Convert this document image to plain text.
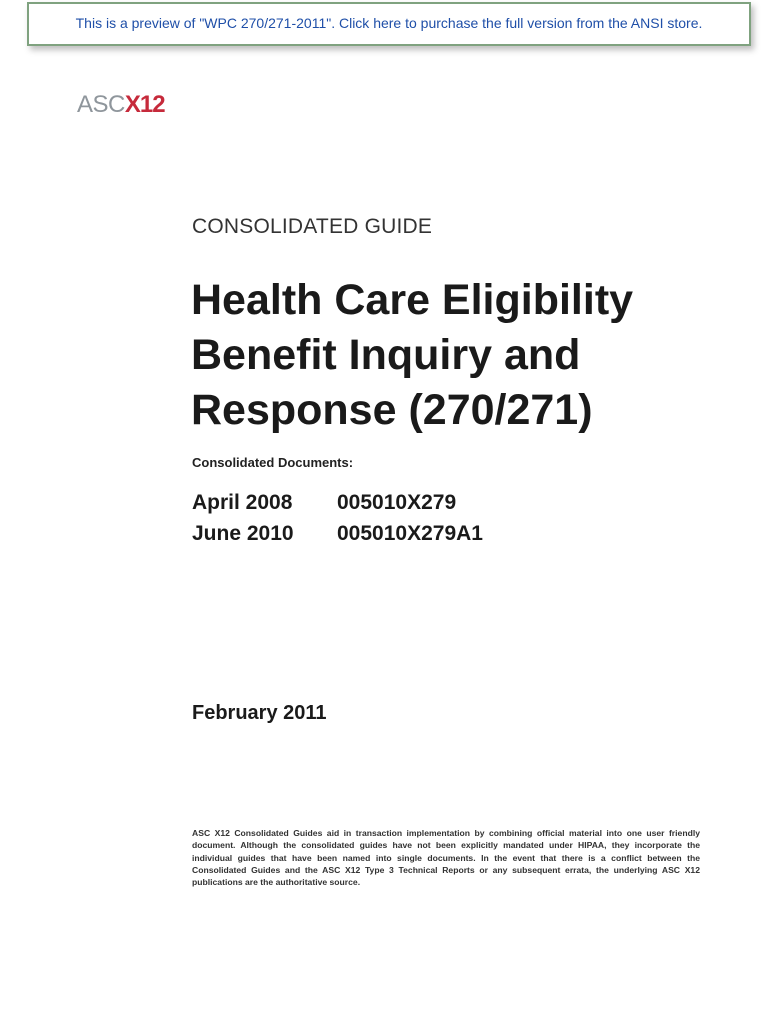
This is a preview of "WPC 270/271-2011". Click here to purchase the full version from the ANSI store.
ASC X 12
CONSOLIDATED GUIDE
Health Care Eligibility
Benefit Inquiry and
Response (270/271)
Consolidated Documents:
April 2008	005010X279
June 2010	005010X279A1
February 2011

ASC X12 Consolidated Guides aid in transaction implementation by combining official material into one user friendly document. Although the consolidated guides have not been explicitly mandated under HIPAA, they incorporate the individual guides that have been named into single documents. In the event that there is a conflict between the Consolidated Guides and the ASC X12 Type 3 Technical Reports or any subsequent errata, the underlying ASC X12 publications are the authoritative source.
